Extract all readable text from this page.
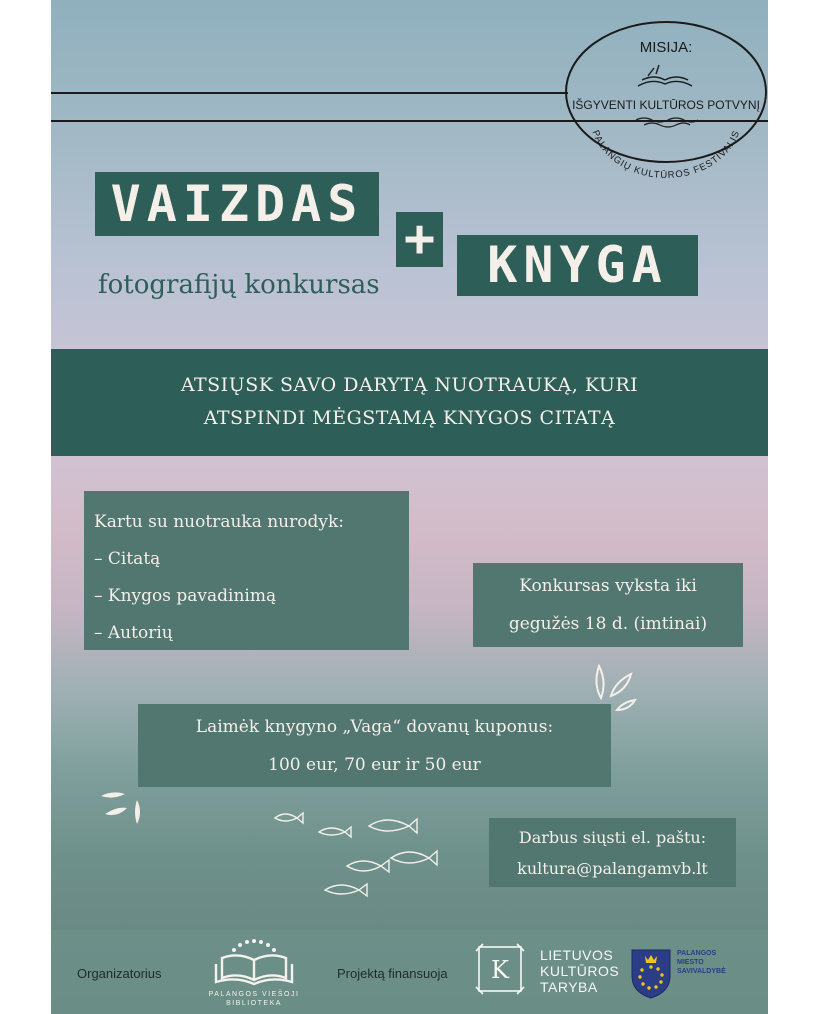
MISIJA:
IŠGYVENTI KULTŪROS POTVYNĮ
PALANGIŲ KULTŪROS FESTIVALIS
VAIZDAS
+	KNYGA
fotografijų konkursas
ATSIŲSK SAVO DARYTĄ NUOTRAUKĄ, KURI
ATSPINDI MĖGSTAMĄ KNYGOS CITATĄ
Kartu su nuotrauka nurodyk:
– Citatą
– Knygos pavadinimą
– Autorių
Konkursas vyksta iki
gegužės 18 d. (imtinai)
Laimėk knygyno „Vaga“ dovanų kuponus:
100 eur, 70 eur ir 50 eur
Darbus siųsti el. paštu:
kultura@palangamvb.lt
Organizatorius
PALANGOS VIEŠOJI
BIBLIOTEKA
Projektą finansuoja K
LIETUVOS
KULTŪROS
TARYBA
PALANGOS
MIESTO
SAVIVALDYBĖ
